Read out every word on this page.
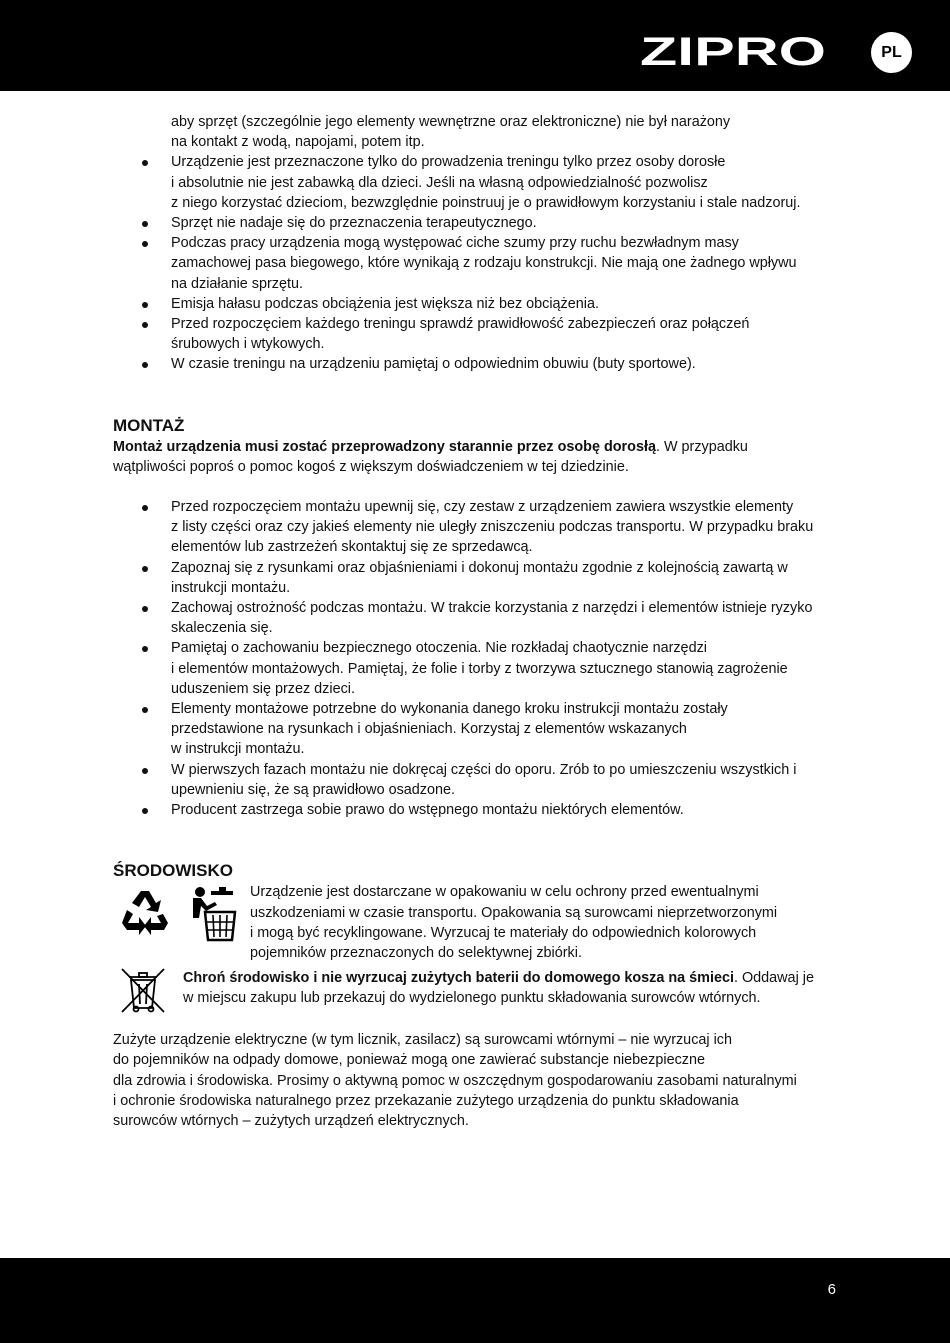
ZIPRO	PL
aby sprzęt (szczególnie jego elementy wewnętrzne oraz elektroniczne) nie był narażony
na kontakt z wodą, napojami, potem itp.
Urządzenie jest przeznaczone tylko do prowadzenia treningu tylko przez osoby dorosłe
i absolutnie nie jest zabawką dla dzieci. Jeśli na własną odpowiedzialność pozwolisz
z niego korzystać dzieciom, bezwzględnie poinstruuj je o prawidłowym korzystaniu i stale nadzoruj.
Sprzęt nie nadaje się do przeznaczenia terapeutycznego.
Podczas pracy urządzenia mogą występować ciche szumy przy ruchu bezwładnym masy
zamachowej pasa biegowego, które wynikają z rodzaju konstrukcji. Nie mają one żadnego wpływu
na działanie sprzętu.
Emisja hałasu podczas obciążenia jest większa niż bez obciążenia.
Przed rozpoczęciem każdego treningu sprawdź prawidłowość zabezpieczeń oraz połączeń
śrubowych i wtykowych.
W czasie treningu na urządzeniu pamiętaj o odpowiednim obuwiu (buty sportowe).
MONTAŻ

Montaż urządzenia musi zostać przeprowadzony starannie przez osobę dorosłą. W przypadku

wątpliwości poproś o pomoc kogoś z większym doświadczeniem w tej dziedzinie.

Przed rozpoczęciem montażu upewnij się, czy zestaw z urządzeniem zawiera wszystkie elementy
z listy części oraz czy jakieś elementy nie uległy zniszczeniu podczas transportu. W przypadku braku
elementów lub zastrzeżeń skontaktuj się ze sprzedawcą.
Zapoznaj się z rysunkami oraz objaśnieniami i dokonuj montażu zgodnie z kolejnością zawartą w
instrukcji montażu.
Zachowaj ostrożność podczas montażu. W trakcie korzystania z narzędzi i elementów istnieje ryzyko
skaleczenia się.
Pamiętaj o zachowaniu bezpiecznego otoczenia. Nie rozkładaj chaotycznie narzędzi
i elementów montażowych. Pamiętaj, że folie i torby z tworzywa sztucznego stanowią zagrożenie
uduszeniem się przez dzieci.
Elementy montażowe potrzebne do wykonania danego kroku instrukcji montażu zostały
przedstawione na rysunkach i objaśnieniach. Korzystaj z elementów wskazanych
w instrukcji montażu.
W pierwszych fazach montażu nie dokręcaj części do oporu. Zrób to po umieszczeniu wszystkich i
upewnieniu się, że są prawidłowo osadzone.
Producent zastrzega sobie prawo do wstępnego montażu niektórych elementów.
ŚRODOWISKO
Urządzenie jest dostarczane w opakowaniu w celu ochrony przed ewentualnymi
uszkodzeniami w czasie transportu. Opakowania są surowcami nieprzetworzonymi
i mogą być recyklingowane. Wyrzucaj te materiały do odpowiednich kolorowych
pojemników przeznaczonych do selektywnej zbiórki.
Chroń środowisko i nie wyrzucaj zużytych baterii do domowego kosza na śmieci. Oddawaj je
w miejscu zakupu lub przekazuj do wydzielonego punktu składowania surowców wtórnych.
Zużyte urządzenie elektryczne (w tym licznik, zasilacz) są surowcami wtórnymi – nie wyrzucaj ich
do pojemników na odpady domowe, ponieważ mogą one zawierać substancje niebezpieczne
dla zdrowia i środowiska. Prosimy o aktywną pomoc w oszczędnym gospodarowaniu zasobami naturalnymi
i ochronie środowiska naturalnego przez przekazanie zużytego urządzenia do punktu składowania
surowców wtórnych – zużytych urządzeń elektrycznych.
6
